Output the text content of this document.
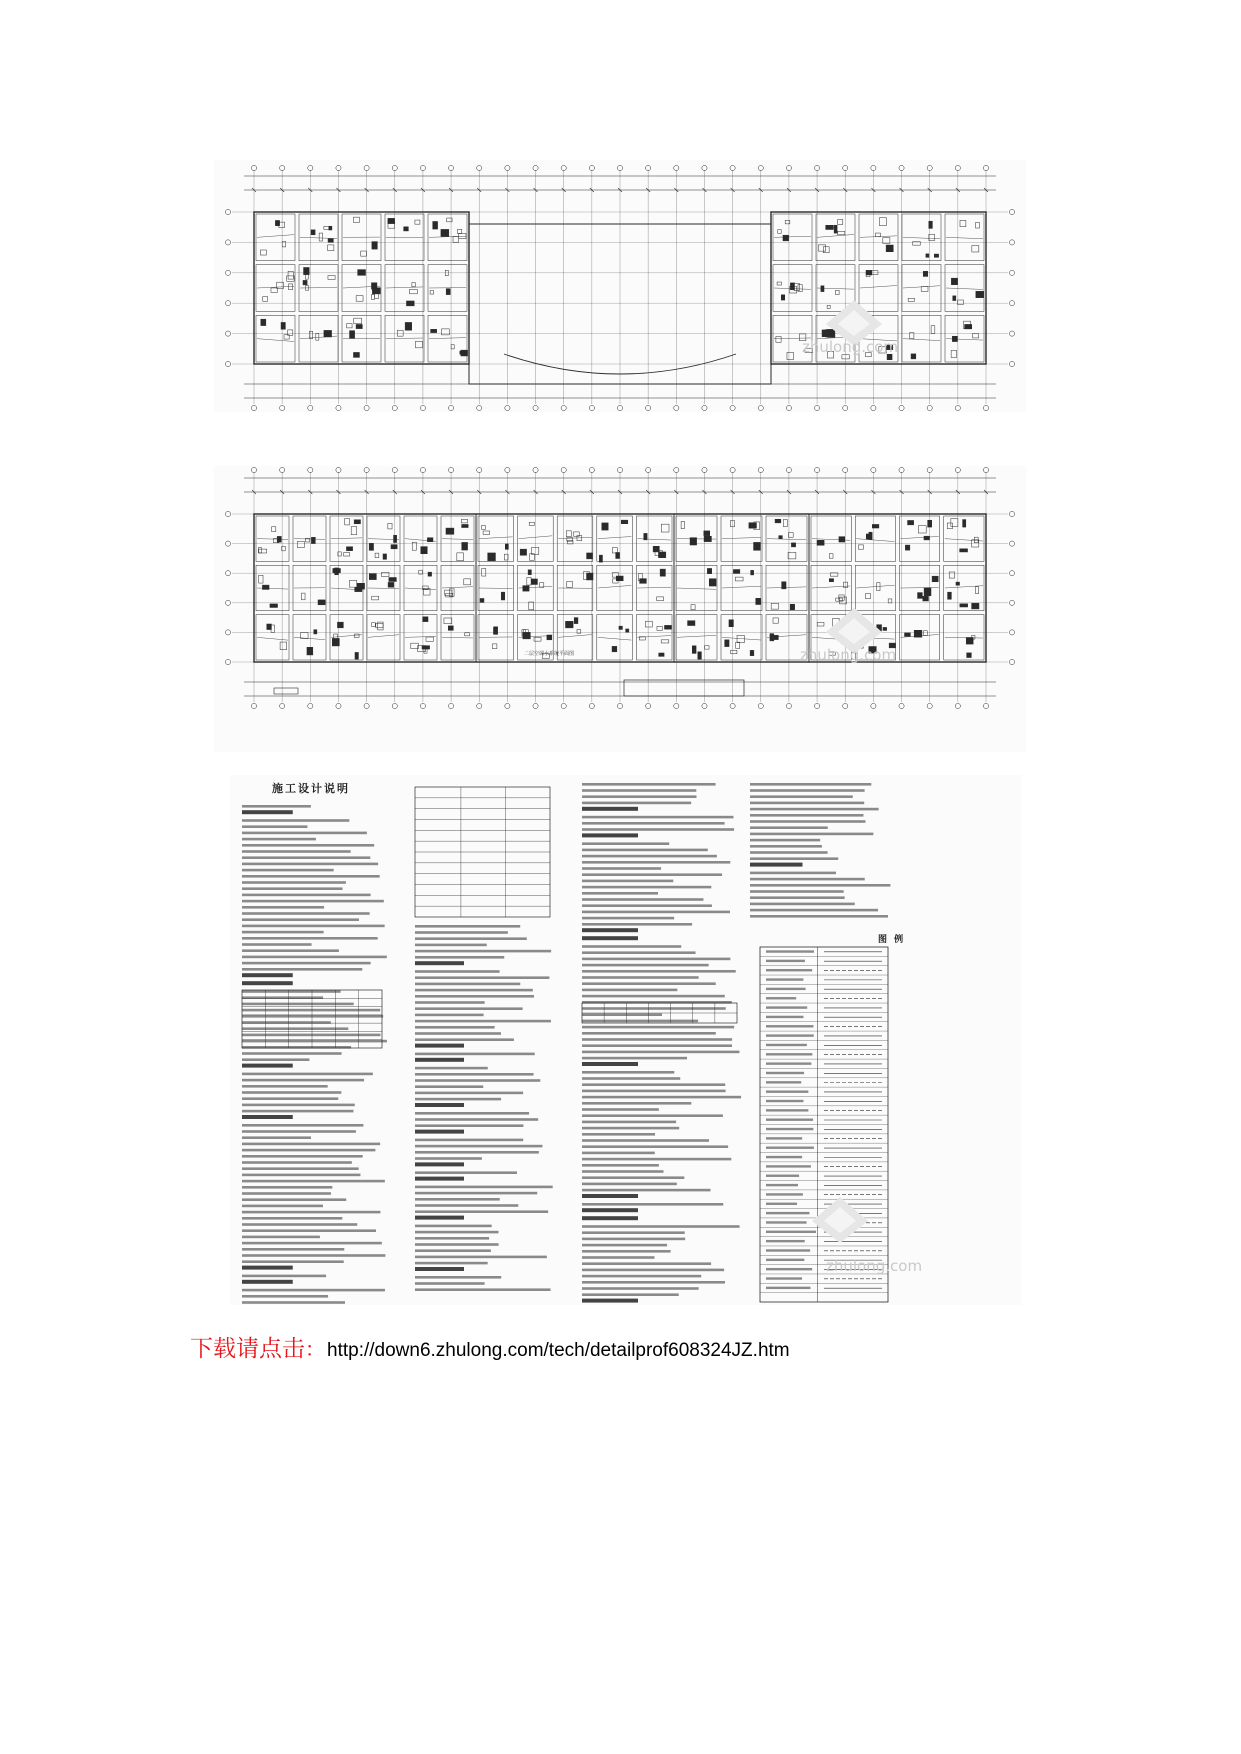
zhulong.com
二层空调水系统平面图	zhulong.com
施工设计说明
图 例
zhulong.com
下载请点击 ： http://down6.zhulong.com/tech/detailprof608324JZ.htm
